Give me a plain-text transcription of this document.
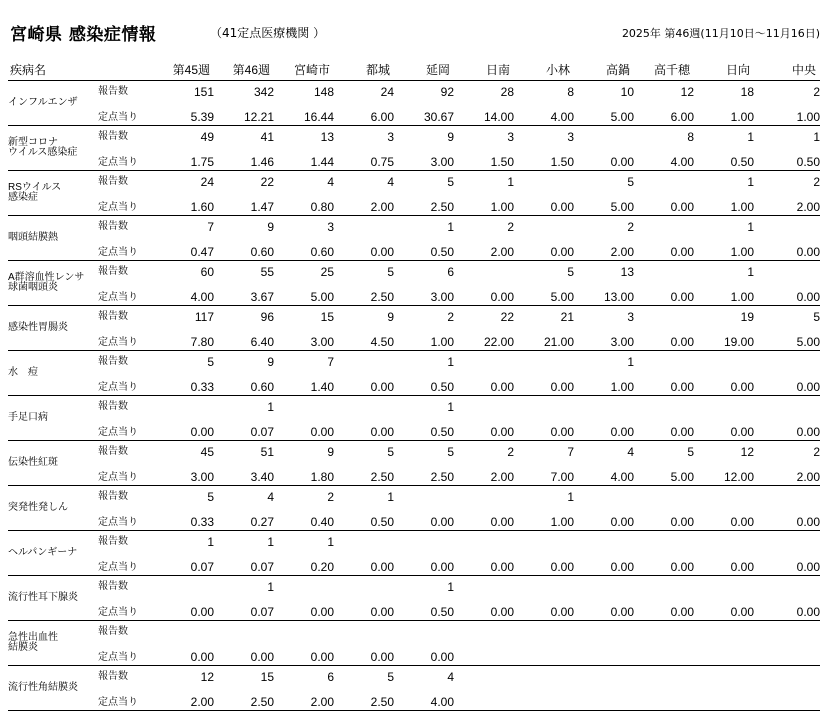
宮崎県 感染症情報	（41定点医療機関 ）	2025年 第46週(11月10日〜11月16日)
疾病名		第45週	第46週	宮崎市	都城	延岡	日南	小林	高鍋	高千穂	日向	中央
インフルエンザ	報告数	151	342	148	24	92	28	8	10	12	18	2
	定点当り	5.39	12.21	16.44	6.00	30.67	14.00	4.00	5.00	6.00	1.00	1.00
新型コロナ
ウイルス感染症	報告数	49	41	13	3	9	3	3		8	1	1
	定点当り	1.75	1.46	1.44	0.75	3.00	1.50	1.50	0.00	4.00	0.50	0.50
RSウイルス
感染症	報告数	24	22	4	4	5	1		5		1	2
	定点当り	1.60	1.47	0.80	2.00	2.50	1.00	0.00	5.00	0.00	1.00	2.00
咽頭結膜熱	報告数	7	9	3		1	2		2		1	
	定点当り	0.47	0.60	0.60	0.00	0.50	2.00	0.00	2.00	0.00	1.00	0.00
A群溶血性レンサ
球菌咽頭炎	報告数	60	55	25	5	6		5	13		1	
	定点当り	4.00	3.67	5.00	2.50	3.00	0.00	5.00	13.00	0.00	1.00	0.00
感染性胃腸炎	報告数	117	96	15	9	2	22	21	3		19	5
	定点当り	7.80	6.40	3.00	4.50	1.00	22.00	21.00	3.00	0.00	19.00	5.00
水　痘	報告数	5	9	7		1			1			
	定点当り	0.33	0.60	1.40	0.00	0.50	0.00	0.00	1.00	0.00	0.00	0.00
手足口病	報告数		1			1						
	定点当り	0.00	0.07	0.00	0.00	0.50	0.00	0.00	0.00	0.00	0.00	0.00
伝染性紅斑	報告数	45	51	9	5	5	2	7	4	5	12	2
	定点当り	3.00	3.40	1.80	2.50	2.50	2.00	7.00	4.00	5.00	12.00	2.00
突発性発しん	報告数	5	4	2	1			1				
	定点当り	0.33	0.27	0.40	0.50	0.00	0.00	1.00	0.00	0.00	0.00	0.00
ヘルパンギーナ	報告数	1	1	1								
	定点当り	0.07	0.07	0.20	0.00	0.00	0.00	0.00	0.00	0.00	0.00	0.00
流行性耳下腺炎	報告数		1			1						
	定点当り	0.00	0.07	0.00	0.00	0.50	0.00	0.00	0.00	0.00	0.00	0.00
急性出血性
結膜炎	報告数											
	定点当り	0.00	0.00	0.00	0.00	0.00						
流行性角結膜炎	報告数	12	15	6	5	4						
	定点当り	2.00	2.50	2.00	2.50	4.00						
